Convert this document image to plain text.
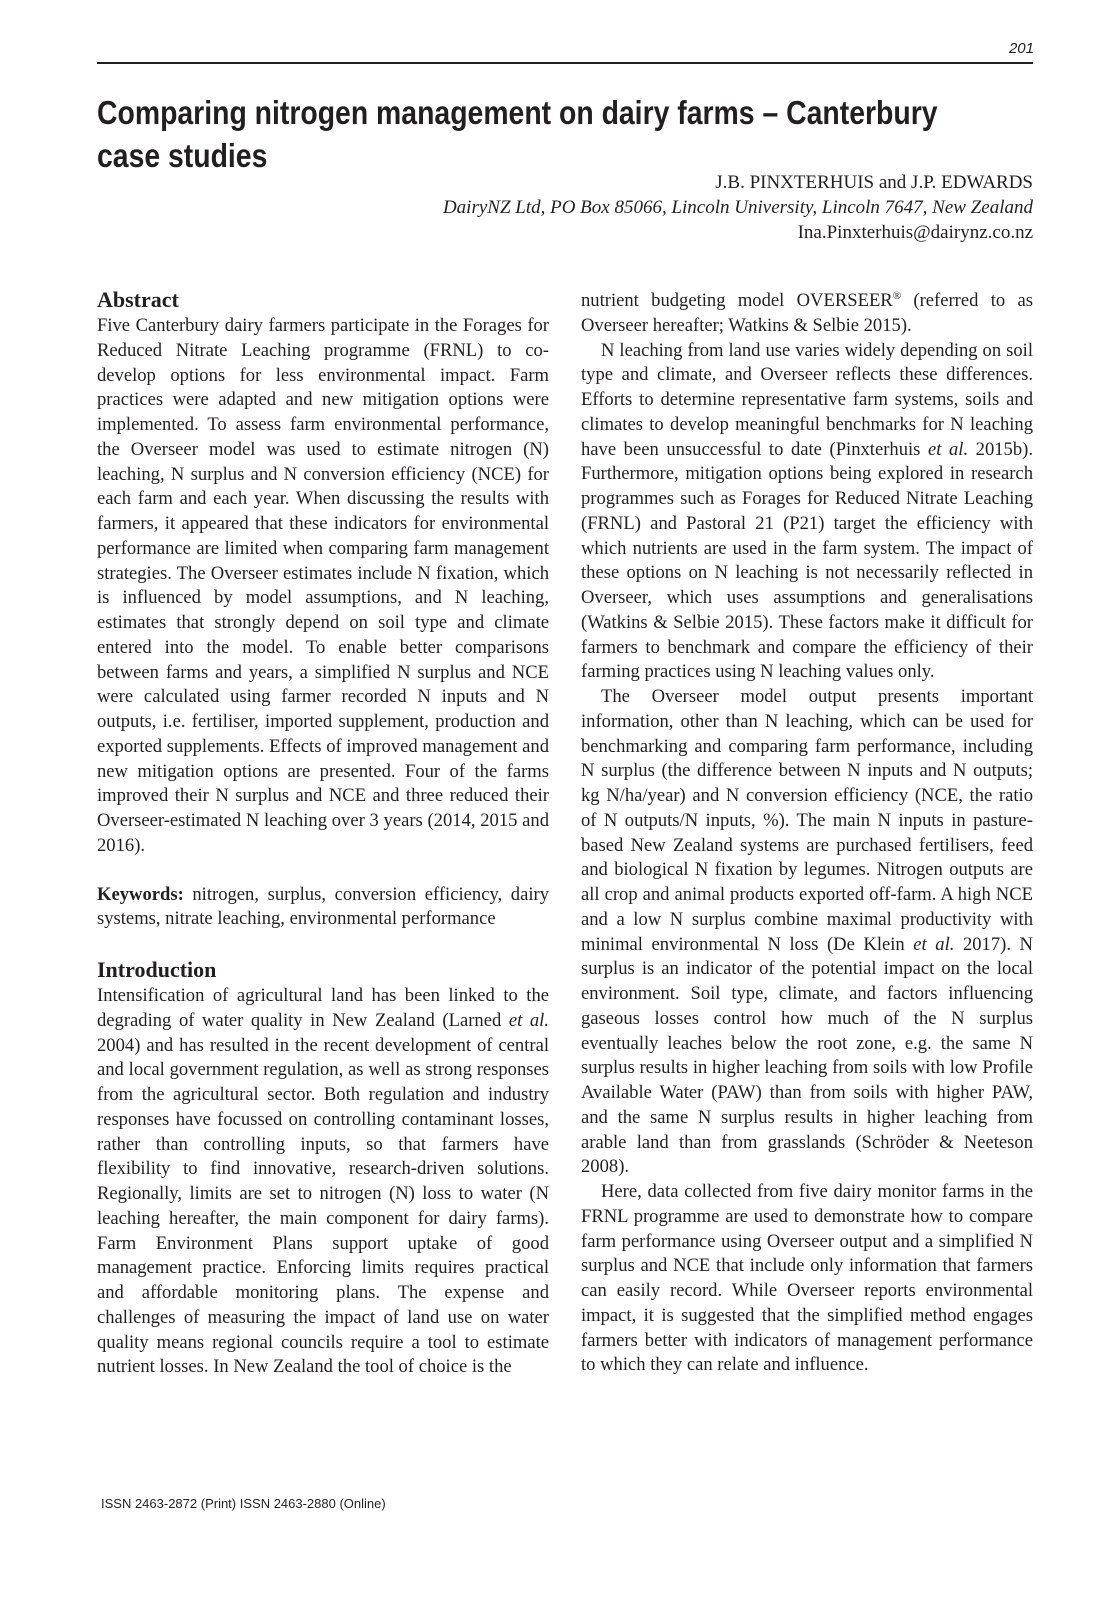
201
Comparing nitrogen management on dairy farms – Canterbury
case studies
J.B. PINXTERHUIS and J.P. EDWARDS
DairyNZ Ltd, PO Box 85066, Lincoln University, Lincoln 7647, New Zealand
Ina.Pinxterhuis@dairynz.co.nz
Abstract

Five Canterbury dairy farmers participate in the Forages for Reduced Nitrate Leaching programme (FRNL) to co-develop options for less environmental impact. Farm practices were adapted and new mitigation options were implemented. To assess farm environmental performance, the Overseer model was used to estimate nitrogen (N) leaching, N surplus and N conversion efficiency (NCE) for each farm and each year. When discussing the results with farmers, it appeared that these indicators for environmental performance are limited when comparing farm management strategies. The Overseer estimates include N fixation, which is influenced by model assumptions, and N leaching, estimates that strongly depend on soil type and climate entered into the model. To enable better comparisons between farms and years, a simplified N surplus and NCE were calculated using farmer recorded N inputs and N outputs, i.e. fertiliser, imported supplement, production and exported supplements. Effects of improved management and new mitigation options are presented. Four of the farms improved their N surplus and NCE and three reduced their Overseer-estimated N leaching over 3 years (2014, 2015 and 2016).

Keywords: nitrogen, surplus, conversion efficiency, dairy systems, nitrate leaching, environmental performance

Introduction

Intensification of agricultural land has been linked to the degrading of water quality in New Zealand (Larned et al. 2004) and has resulted in the recent development of central and local government regulation, as well as strong responses from the agricultural sector. Both regulation and industry responses have focussed on controlling contaminant losses, rather than controlling inputs, so that farmers have flexibility to find innovative, research-driven solutions. Regionally, limits are set to nitrogen (N) loss to water (N leaching hereafter, the main component for dairy farms). Farm Environment Plans support uptake of good management practice. Enforcing limits requires practical and affordable monitoring plans. The expense and challenges of measuring the impact of land use on water quality means regional councils require a tool to estimate nutrient losses. In New Zealand the tool of choice is the

nutrient budgeting model OVERSEER® (referred to as Overseer hereafter; Watkins & Selbie 2015).

N leaching from land use varies widely depending on soil type and climate, and Overseer reflects these differences. Efforts to determine representative farm systems, soils and climates to develop meaningful benchmarks for N leaching have been unsuccessful to date (Pinxterhuis et al. 2015b). Furthermore, mitigation options being explored in research programmes such as Forages for Reduced Nitrate Leaching (FRNL) and Pastoral 21 (P21) target the efficiency with which nutrients are used in the farm system. The impact of these options on N leaching is not necessarily reflected in Overseer, which uses assumptions and generalisations (Watkins & Selbie 2015). These factors make it difficult for farmers to benchmark and compare the efficiency of their farming practices using N leaching values only.

The Overseer model output presents important information, other than N leaching, which can be used for benchmarking and comparing farm performance, including N surplus (the difference between N inputs and N outputs; kg N/ha/year) and N conversion efficiency (NCE, the ratio of N outputs/N inputs, %). The main N inputs in pasture-based New Zealand systems are purchased fertilisers, feed and biological N fixation by legumes. Nitrogen outputs are all crop and animal products exported off-farm. A high NCE and a low N surplus combine maximal productivity with minimal environmental N loss (De Klein et al. 2017). N surplus is an indicator of the potential impact on the local environment. Soil type, climate, and factors influencing gaseous losses control how much of the N surplus eventually leaches below the root zone, e.g. the same N surplus results in higher leaching from soils with low Profile Available Water (PAW) than from soils with higher PAW, and the same N surplus results in higher leaching from arable land than from grasslands (Schröder & Neeteson 2008).

Here, data collected from five dairy monitor farms in the FRNL programme are used to demonstrate how to compare farm performance using Overseer output and a simplified N surplus and NCE that include only information that farmers can easily record. While Overseer reports environmental impact, it is suggested that the simplified method engages farmers better with indicators of management performance to which they can relate and influence.

ISSN 2463-2872 (Print) ISSN 2463-2880 (Online)
